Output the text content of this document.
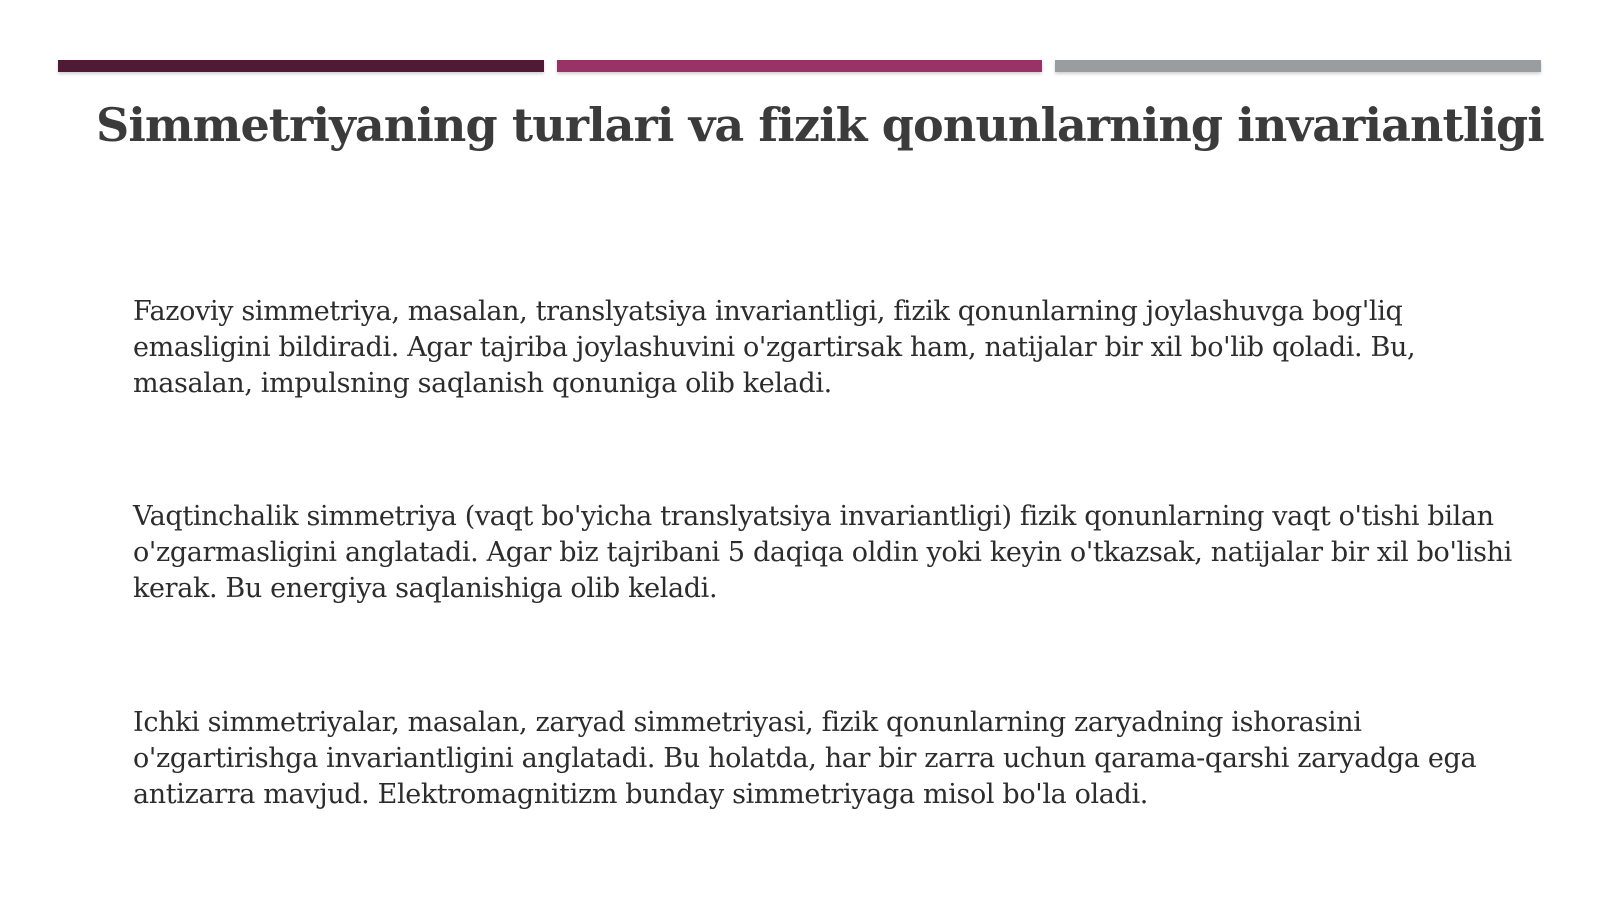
Simmetriyaning turlari va fizik qonunlarning invariantligi

Fazoviy simmetriya, masalan, translyatsiya invariantligi, fizik qonunlarning joylashuvga bog'liq emasligini bildiradi. Agar tajriba joylashuvini o'zgartirsak ham, natijalar bir xil bo'lib qoladi. Bu, masalan, impulsning saqlanish qonuniga olib keladi.

Vaqtinchalik simmetriya (vaqt bo'yicha translyatsiya invariantligi) fizik qonunlarning vaqt o'tishi bilan o'zgarmasligini anglatadi. Agar biz tajribani 5 daqiqa oldin yoki keyin o'tkazsak, natijalar bir xil bo'lishi kerak. Bu energiya saqlanishiga olib keladi.

Ichki simmetriyalar, masalan, zaryad simmetriyasi, fizik qonunlarning zaryadning ishorasini o'zgartirishga invariantligini anglatadi. Bu holatda, har bir zarra uchun qarama-qarshi zaryadga ega antizarra mavjud. Elektromagnitizm bunday simmetriyaga misol bo'la oladi.
